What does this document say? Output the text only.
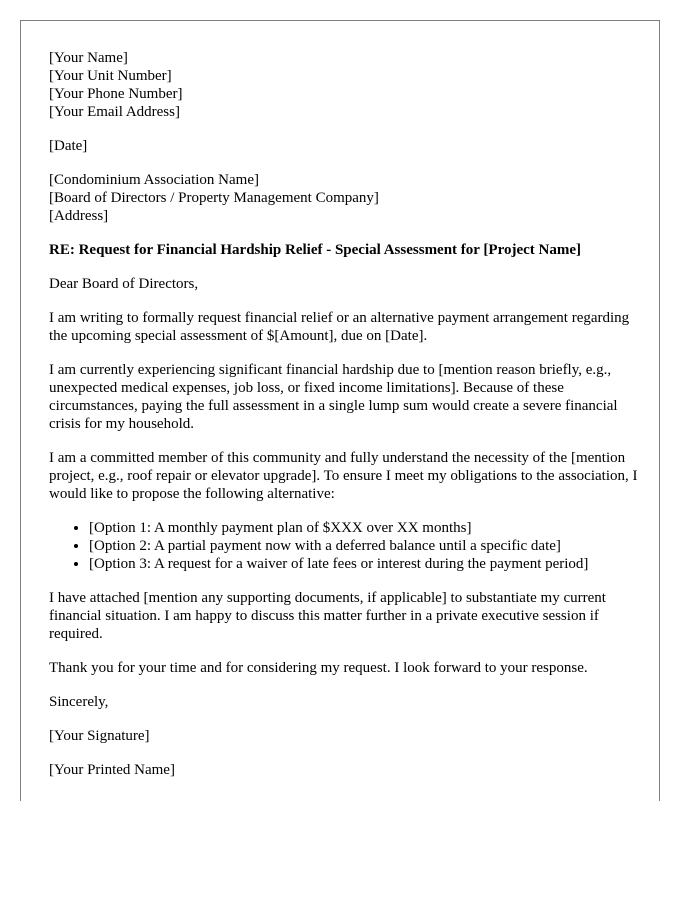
[Your Name]
[Your Unit Number]
[Your Phone Number]
[Your Email Address]
[Date]
[Condominium Association Name]
[Board of Directors / Property Management Company]
[Address]
RE: Request for Financial Hardship Relief - Special Assessment for [Project Name]
Dear Board of Directors,
I am writing to formally request financial relief or an alternative payment arrangement regarding the upcoming special assessment of $[Amount], due on [Date].
I am currently experiencing significant financial hardship due to [mention reason briefly, e.g., unexpected medical expenses, job loss, or fixed income limitations]. Because of these circumstances, paying the full assessment in a single lump sum would create a severe financial crisis for my household.
I am a committed member of this community and fully understand the necessity of the [mention project, e.g., roof repair or elevator upgrade]. To ensure I meet my obligations to the association, I would like to propose the following alternative:
• [Option 1: A monthly payment plan of $XXX over XX months]
• [Option 2: A partial payment now with a deferred balance until a specific date]
• [Option 3: A request for a waiver of late fees or interest during the payment period]
I have attached [mention any supporting documents, if applicable] to substantiate my current financial situation. I am happy to discuss this matter further in a private executive session if required.
Thank you for your time and for considering my request. I look forward to your response.
Sincerely,
[Your Signature]
[Your Printed Name]
